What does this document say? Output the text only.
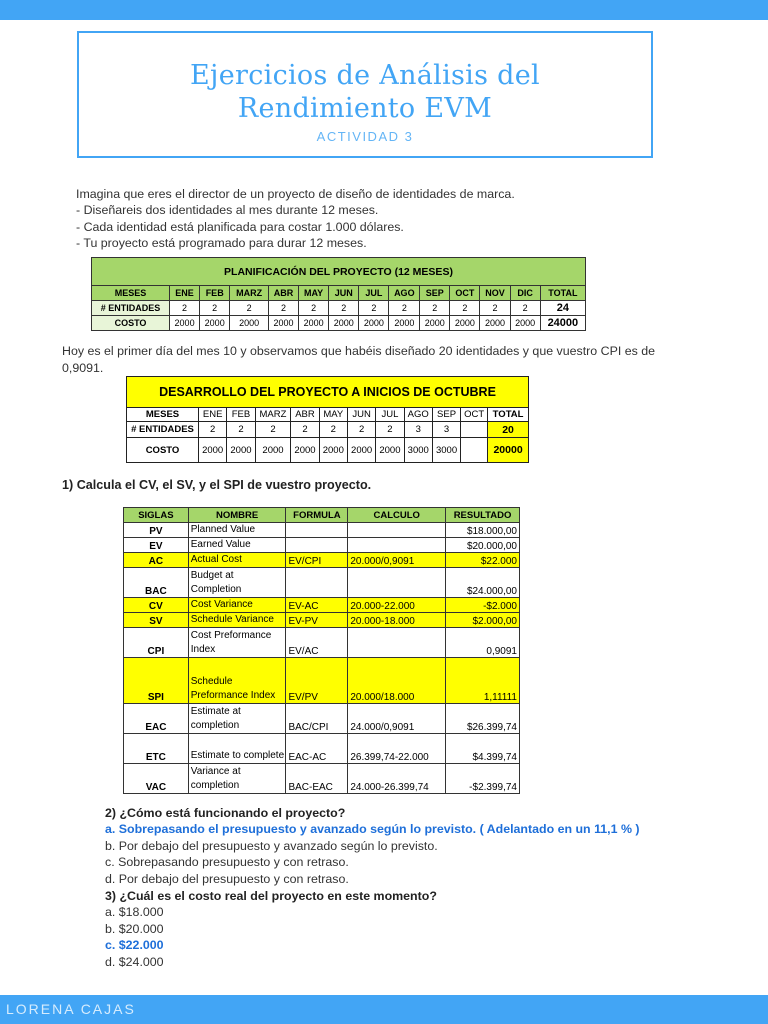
Ejercicios de Análisis del
Rendimiento EVM
ACTIVIDAD 3
Imagina que eres el director de un proyecto de diseño de identidades de marca.
- Diseñareis dos identidades al mes durante 12 meses.
- Cada identidad está planificada para costar 1.000 dólares.
- Tu proyecto está programado para durar 12 meses.
PLANIFICACIÓN DEL PROYECTO (12 MESES)													
MESES	ENE	FEB	MARZ	ABR	MAY	JUN	JUL	AGO	SEP	OCT	NOV	DIC	TOTAL
# ENTIDADES	2	2	2	2	2	2	2	2	2	2	2	2	24
COSTO	2000	2000	2000	2000	2000	2000	2000	2000	2000	2000	2000	2000	24000
Hoy es el primer día del mes 10 y observamos que habéis diseñado 20 identidades y que vuestro CPI es de 0,9091.
DESARROLLO DEL PROYECTO A INICIOS DE OCTUBRE											
MESES	ENE	FEB	MARZ	ABR	MAY	JUN	JUL	AGO	SEP	OCT	TOTAL
# ENTIDADES	2	2	2	2	2	2	2	3	3		20
COSTO	2000	2000	2000	2000	2000	2000	2000	3000	3000		20000
1) Calcula el CV, el SV, y el SPI de vuestro proyecto.
SIGLAS	NOMBRE	FORMULA	CALCULO	RESULTADO
PV	Planned Value			$18.000,00
EV	Earned Value			$20.000,00
AC	Actual Cost	EV/CPI	20.000/0,9091	$22.000
BAC	Budget at Completion			$24.000,00
CV	Cost Variance	EV-AC	20.000-22.000	-$2.000
SV	Schedule Variance	EV-PV	20.000-18.000	$2.000,00
CPI	Cost Preformance Index	EV/AC		0,9091
SPI	Schedule Preformance Index	EV/PV	20.000/18.000	1,11111
EAC	Estimate at completion	BAC/CPI	24.000/0,9091	$26.399,74
ETC	Estimate to complete	EAC-AC	26.399,74-22.000	$4.399,74
VAC	Variance at completion	BAC-EAC	24.000-26.399,74	-$2.399,74
2) ¿Cómo está funcionando el proyecto?
a. Sobrepasando el presupuesto y avanzado según lo previsto. ( Adelantado en un 11,1 % )
b. Por debajo del presupuesto y avanzado según lo previsto.
c. Sobrepasando presupuesto y con retraso.
d. Por debajo del presupuesto y con retraso.
3) ¿Cuál es el costo real del proyecto en este momento?
a. $18.000
b. $20.000
c. $22.000
d. $24.000
LORENA CAJAS
